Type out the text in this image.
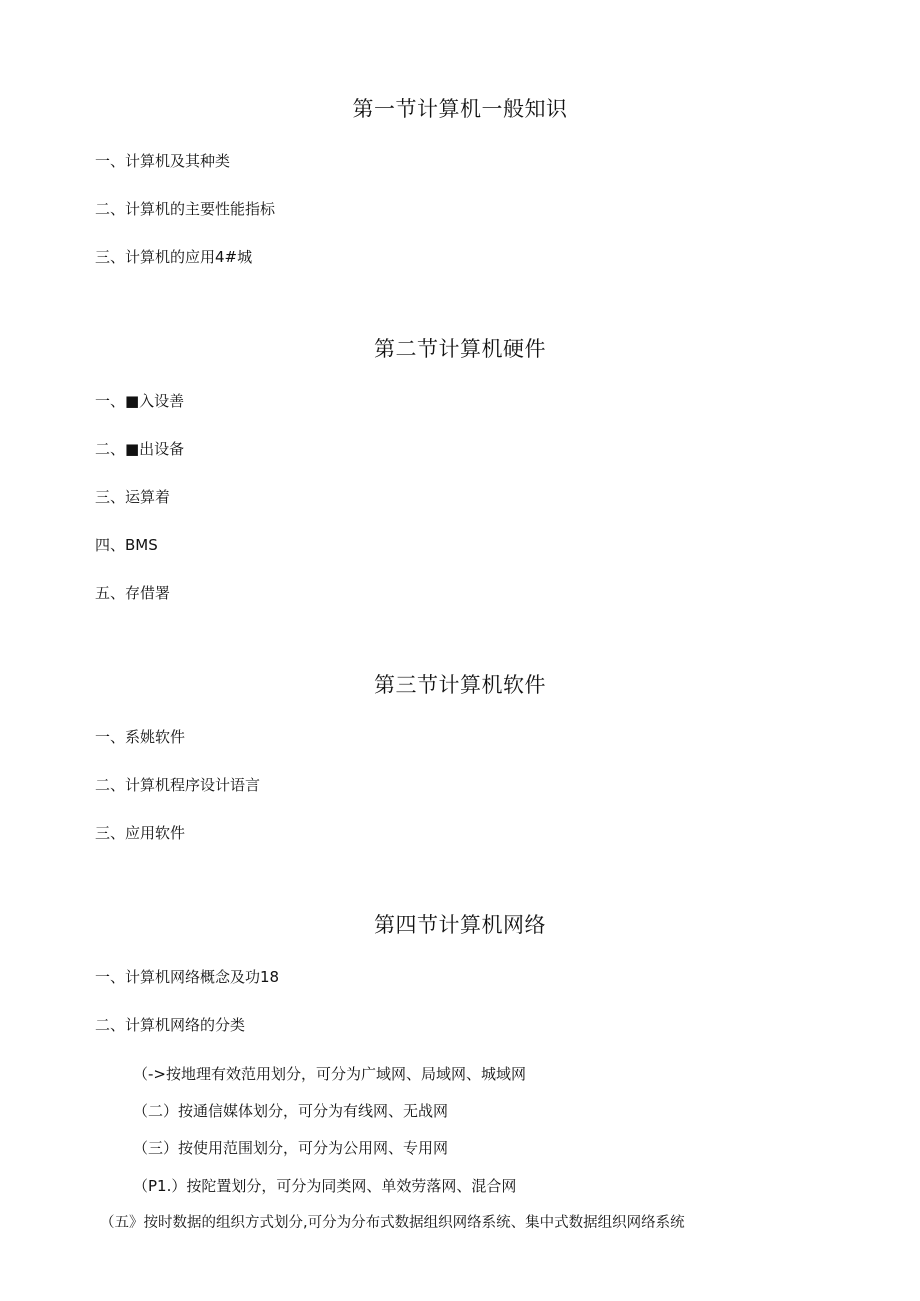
第一节计算机一般知识
一、计算机及其种类
二、计算机的主要性能指标
三、计算机的应用4#城
第二节计算机硬件
一、■入设善
二、■出设备
三、运算着
四、BMS
五、存借署
第三节计算机软件
一、系姚软件
二、计算机程序设计语言
三、应用软件
第四节计算机网络
一、计算机网络概念及功18
二、计算机网络的分类
（->按地理有效范用划分，可分为广域网、局域网、城域网
（二）按通信媒体划分，可分为有线网、无战网
（三）按使用范围划分，可分为公用网、专用网
（P1.）按陀置划分，可分为同类网、单效劳落网、混合网
（五》按时数据的组织方式划分,可分为分布式数据组织网络系统、集中式数据组织网络系统
